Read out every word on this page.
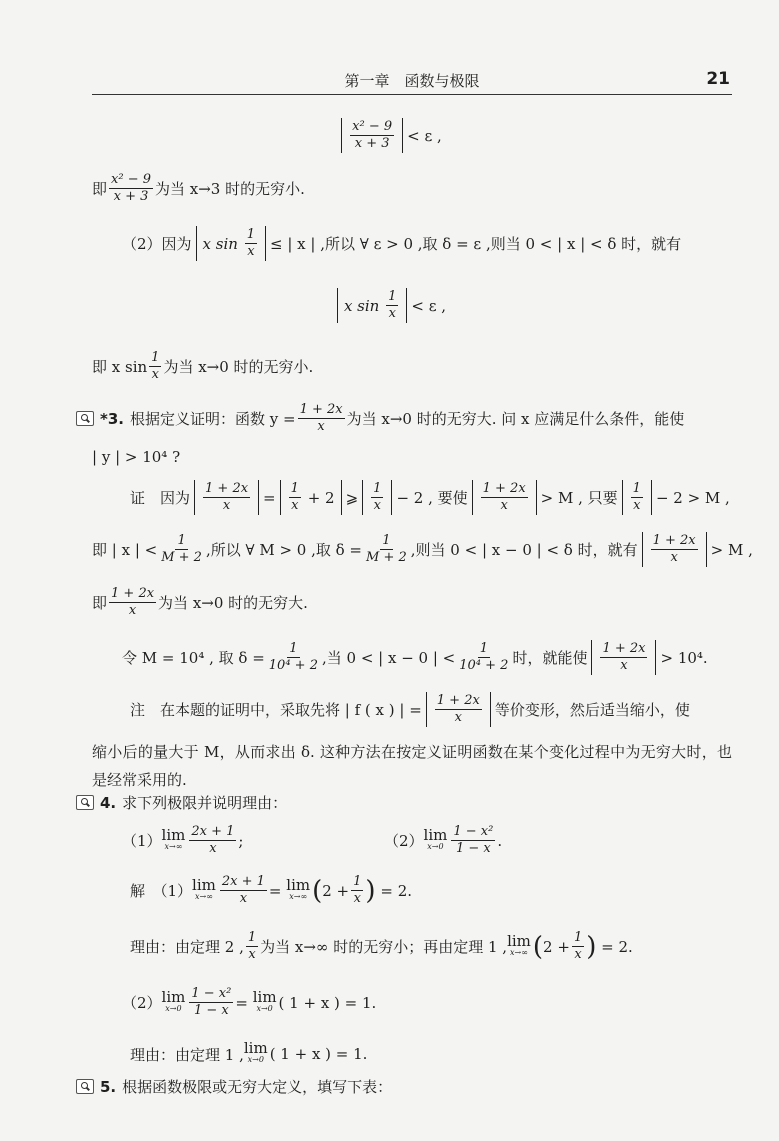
第一章　函数与极限	21
$\frac{\text{x² − 9}}{x + 3} < \varepsilon$ ,
即 $\frac{\text{x² − 9}}{x + 3}$ 为当 x→3 时的无穷小.
（2）因为 x sin
$\frac{1}{x}$ ≤ | x | ,所以 ∀ ε > 0 ,取 δ = ε ,则当 0 < | x | < δ 时，就有
x sin
$\frac{1}{x} < \varepsilon$ ,
即 x $\sin \frac{1}{x}$ 为当 x→0 时的无穷小.
*3. 根据定义证明：函数 $y = \frac{1 + 2x}{x}$ 为当 x→0 时的无穷大. 问 x 应满足什么条件，能使
| y | > 10⁴ ?
证　因为 $\frac{1 + 2x}{x} = \frac{1}{x}$
+ 2 ⩾ $\frac{1}{x} - 2$ , 要使 $\frac{1 + 2x}{x} > M$ , 只要 $\frac{1}{x} - 2 > M$ ,
即 | x | < $\frac{1}{M + 2}$ ,所以 ∀ M > 0 ,取 $\delta = \frac{1}{M + 2}$ ,则当 0 < | x − 0 | < δ 时，就有 $\frac{1 + 2x}{x} > M$ ,
即 $\frac{1 + 2x}{x}$ 为当 x→0 时的无穷大.
令 M = 10⁴ , 取 $\delta = \frac{1}{\text{10⁴ + 2}}$ ,当 0 < | x − 0 | < $\frac{1}{\text{10⁴ + 2}}$ 时，就能使 $\frac{1 + 2x}{x} > 10^4$.
注　在本题的证明中，采取先将 | f ( x ) | = $\frac{1 + 2x}{x}$ 等价变形，然后适当缩小，使
缩小后的量大于 M，从而求出 δ. 这种方法在按定义证明函数在某个变化过程中为无穷大时，也是经常采用的.
4. 求下列极限并说明理由：
（1） lim
$x\to\infty \frac{2x + 1}{x}$ ;	（2） lim
$x\to 0 \frac{\text{1 − x²}}{1 - x}$ .
解　（1） lim
$x\to\infty \frac{2x + 1}{x}$ =
lim
x→∞ ( $2 + \frac{1}{x}$ )
= 2.
理由：由定理 2 , $\frac{1}{x}$ 为当 x→∞ 时的无穷小；再由定理 1 , lim
x→∞ ( $2 + \frac{1}{x}$ )
= 2.
（2） lim
$x\to 0 \frac{\text{1 − x²}}{1 - x}$ =
lim
x→0 ( 1 + x ) = 1.
理由：由定理 1 , lim
x→0 ( 1 + x ) = 1.
5. 根据函数极限或无穷大定义，填写下表：
